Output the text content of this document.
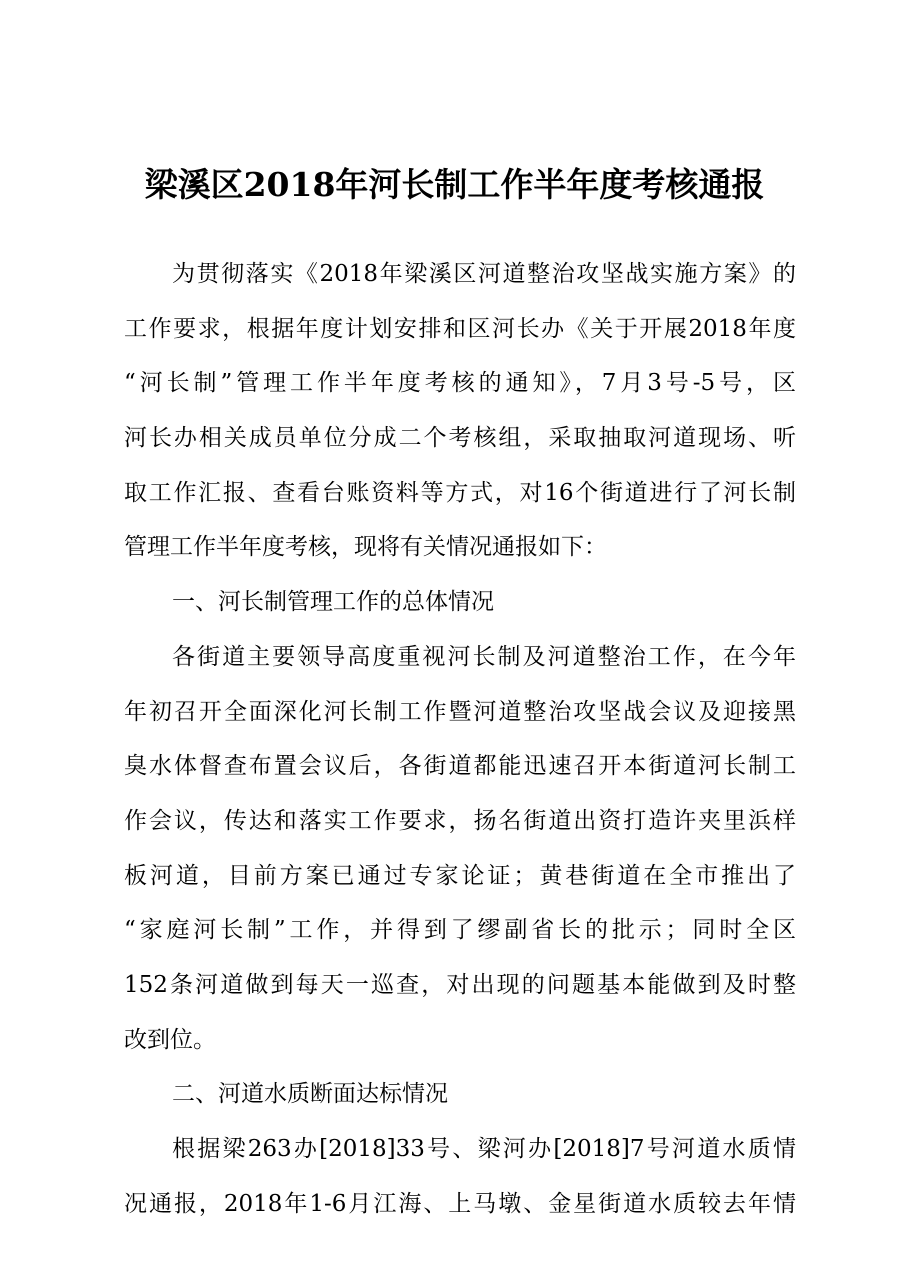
梁溪区2018年河长制工作半年度考核通报
为贯彻落实《2018年梁溪区河道整治攻坚战实施方案》的
工作要求，根据年度计划安排和区河长办《关于开展2018年度
“河长制”管理工作半年度考核的通知》，7月3号-5号，区
河长办相关成员单位分成二个考核组，采取抽取河道现场、听
取工作汇报、查看台账资料等方式，对16个街道进行了河长制
管理工作半年度考核，现将有关情况通报如下：
一、河长制管理工作的总体情况
各街道主要领导高度重视河长制及河道整治工作，在今年
年初召开全面深化河长制工作暨河道整治攻坚战会议及迎接黑
臭水体督查布置会议后，各街道都能迅速召开本街道河长制工
作会议，传达和落实工作要求，扬名街道出资打造许夹里浜样
板河道，目前方案已通过专家论证；黄巷街道在全市推出了
“家庭河长制”工作，并得到了缪副省长的批示；同时全区
152条河道做到每天一巡查，对出现的问题基本能做到及时整
改到位。
二、河道水质断面达标情况
根据梁263办[2018]33号、梁河办[2018]7号河道水质情
况通报，2018年1-6月江海、上马墩、金星街道水质较去年情
